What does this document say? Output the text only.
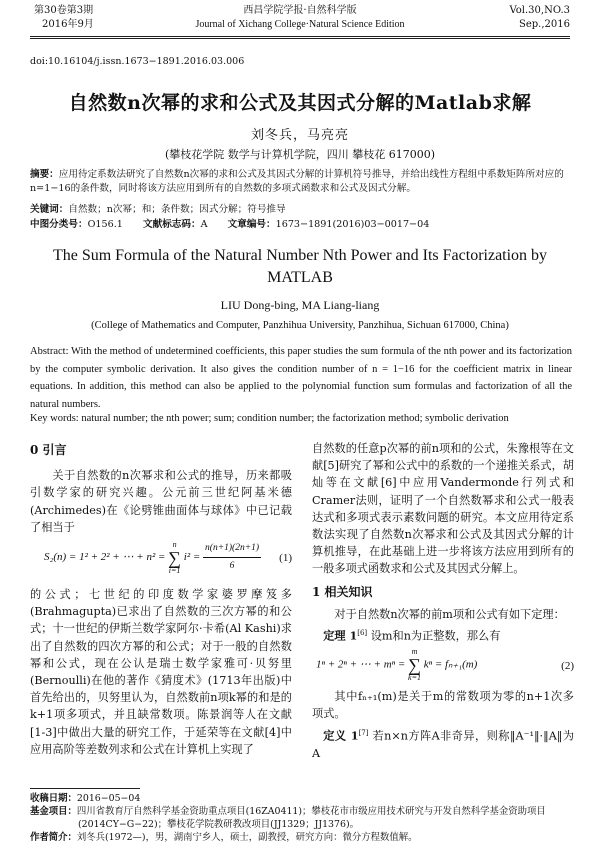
第30卷第3期
2016年9月
西昌学院学报·自然科学版
Journal of Xichang College·Natural Science Edition
Vol.30,NO.3
Sep.,2016
doi:10.16104/j.issn.1673−1891.2016.03.006
自然数n次幂的求和公式及其因式分解的Matlab求解
刘冬兵，马亮亮
(攀枝花学院 数学与计算机学院，四川 攀枝花 617000)
摘要：应用待定系数法研究了自然数n次幂的求和公式及其因式分解的计算机符号推导，并给出线性方程组中系数矩阵所对应的n=1−16的条件数，同时将该方法应用到所有的自然数的多项式函数求和公式及因式分解。
关键词：自然数；n次幂；和；条件数；因式分解；符号推导
中图分类号：O156.1 文献标志码：A 文章编号：1673−1891(2016)03−0017−04
The Sum Formula of the Natural Number Nth Power and Its Factorization by MATLAB
LIU Dong-bing, MA Liang-liang
(College of Mathematics and Computer, Panzhihua University, Panzhihua, Sichuan 617000, China)
Abstract: With the method of undetermined coefficients, this paper studies the sum formula of the nth power and its factorization by the computer symbolic derivation. It also gives the condition number of n = 1−16 for the coefficient matrix in linear equations. In addition, this method can also be applied to the polynomial function sum formulas and factorization of all the natural numbers.
Key words: natural number; the nth power; sum; condition number; the factorization method; symbolic derivation
0 引言
关于自然数的n次幂求和公式的推导，历来都吸引数学家的研究兴趣。公元前三世纪阿基米德(Archimedes)在《论劈锥曲面体与球体》中已记载了相当于
S₂(n) = 1² + 2² + ⋯ + n² =
n
∑
i=1
$i^2 = \frac{n(n+1)(2n+1)}{6} (1)$
的公式；七世纪的印度数学家婆罗摩笈多(Brahmagupta)已求出了自然数的三次方幂的和公式；十一世纪的伊斯兰数学家阿尔·卡希(Al Kashi)求出了自然数的四次方幂的和公式；对于一般的自然数幂和公式，现在公认是瑞士数学家雅可·贝努里(Bernoulli)在他的著作《猜度术》(1713年出版)中首先给出的，贝努里认为，自然数前n项k幂的和是的k+1项多项式，并且缺常数项。陈景润等人在文献[1-3]中做出大量的研究工作，于延荣等在文献[4]中应用高阶等差数列求和公式在计算机上实现了
自然数的任意p次幂的前n项和的公式，朱豫根等在文献[5]研究了幂和公式中的系数的一个递推关系式，胡灿等在文献[6]中应用Vandermonde行列式和Cramer法则，证明了一个自然数幂求和公式一般表达式和多项式表示素数问题的研究。本文应用待定系数法实现了自然数n次幂求和公式及其因式分解的计算机推导，在此基础上进一步将该方法应用到所有的一般多项式函数求和公式及其因式分解上。
1 相关知识
对于自然数n次幂的前m项和公式有如下定理：
定理 1[6] 设m和n为正整数，那么有
1ⁿ + 2ⁿ + ⋯ + mⁿ =
m
∑
k=1
kⁿ = fₙ₊₁(m)	(2)
其中fₙ₊₁(m)是关于m的常数项为零的n+1次多项式。
定义 1[7] 若n×n方阵A非奇异，则称‖A⁻¹‖·‖A‖为A
收稿日期：2016−05−04
基金项目：四川省教育厅自然科学基金资助重点项目(16ZA0411)；攀枝花市市级应用技术研究与开发自然科学基金资助项目(2014CY−G−22)；攀枝花学院教研教改项目(JJ1329；JJ1376)。
作者简介：刘冬兵(1972—)，男，湖南宁乡人，硕士，副教授，研究方向：微分方程数值解。
